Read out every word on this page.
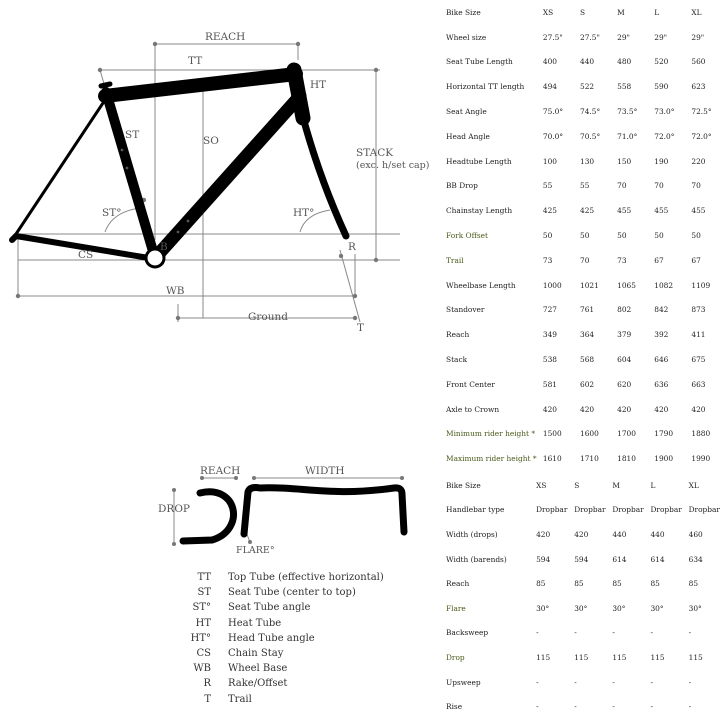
REACH
TT
HT
ST	SO
STACK
(exc. h/set cap)
ST°	HT°
B	R
CS
WB
Ground
T
REACH	WIDTH
DROP
FLARE°
TT Top Tube (effective horizontal)
ST Seat Tube (center to top)
ST° Seat Tube angle
HT Heat Tube
HT° Head Tube angle
CS Chain Stay
WB Wheel Base
R Rake/Offset
T Trail
Bike Size	XS	S	M	L	XL
Wheel size	27.5"	27.5"	29"	29"	29"
Seat Tube Length	400	440	480	520	560
Horizontal TT length	494	522	558	590	623
Seat Angle	75.0°	74.5°	73.5°	73.0°	72.5°
Head Angle	70.0°	70.5°	71.0°	72.0°	72.0°
Headtube Length	100	130	150	190	220
BB Drop	55	55	70	70	70
Chainstay Length	425	425	455	455	455
Fork Offset	50	50	50	50	50
Trail	73	70	73	67	67
Wheelbase Length	1000	1021	1065	1082	1109
Standover	727	761	802	842	873
Reach	349	364	379	392	411
Stack	538	568	604	646	675
Front Center	581	602	620	636	663
Axle to Crown	420	420	420	420	420
Minimum rider height *	1500	1600	1700	1790	1880
Maximum rider height *	1610	1710	1810	1900	1990
Bike Size	XS	S	M	L	XL
Handlebar type	Dropbar	Dropbar	Dropbar	Dropbar	Dropbar
Width (drops)	420	420	440	440	460
Width (barends)	594	594	614	614	634
Reach	85	85	85	85	85
Flare	30°	30°	30°	30°	30°
Backsweep	-	-	-	-	-
Drop	115	115	115	115	115
Upsweep	-	-	-	-	-
Rise	-	-	-	-	-
